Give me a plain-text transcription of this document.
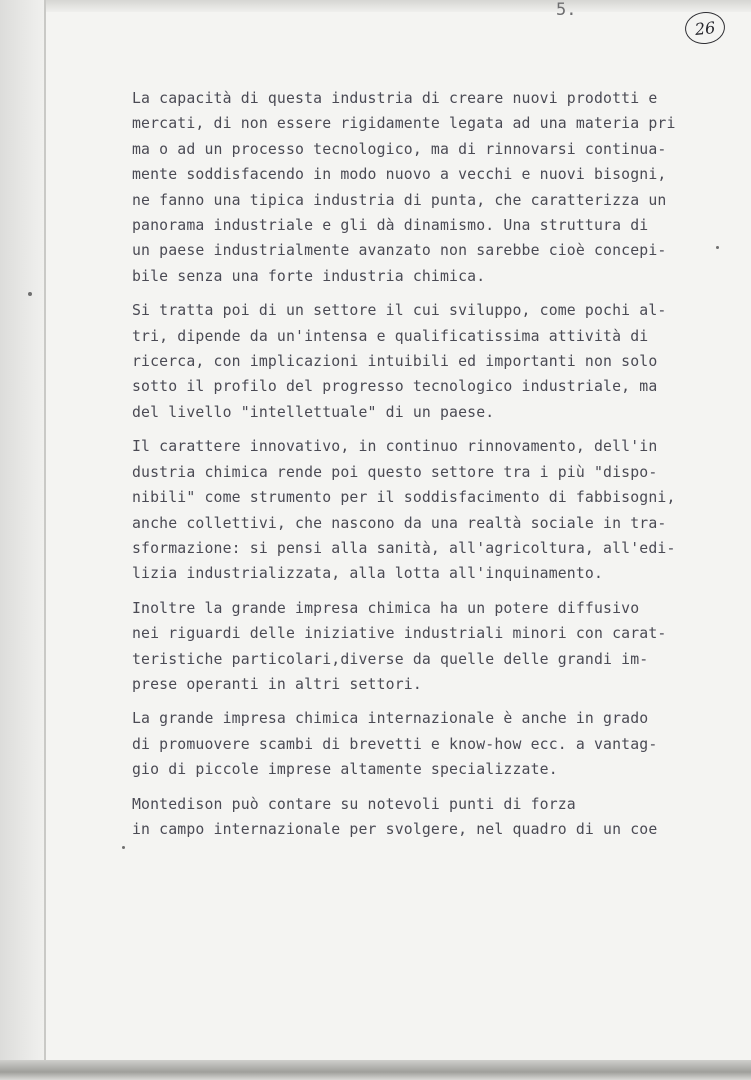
5.
26

La capacità di questa industria di creare nuovi prodotti e
mercati, di non essere rigidamente legata ad una materia pri
ma o ad un processo tecnologico, ma di rinnovarsi continua-
mente soddisfacendo in modo nuovo a vecchi e nuovi bisogni,
ne fanno una tipica industria di punta, che caratterizza un
panorama industriale e gli dà dinamismo. Una struttura di
un paese industrialmente avanzato non sarebbe cioè concepi-
bile senza una forte industria chimica.

Si tratta poi di un settore il cui sviluppo, come pochi al-
tri, dipende da un'intensa e qualificatissima attività di
ricerca, con implicazioni intuibili ed importanti non solo
sotto il profilo del progresso tecnologico industriale, ma
del livello "intellettuale" di un paese.

Il carattere innovativo, in continuo rinnovamento, dell'in
dustria chimica rende poi questo settore tra i più "dispo-
nibili" come strumento per il soddisfacimento di fabbisogni,
anche collettivi, che nascono da una realtà sociale in tra-
sformazione: si pensi alla sanità, all'agricoltura, all'edi-
lizia industrializzata, alla lotta all'inquinamento.

Inoltre la grande impresa chimica ha un potere diffusivo
nei riguardi delle iniziative industriali minori con carat-
teristiche particolari,diverse da quelle delle grandi im-
prese operanti in altri settori.

La grande impresa chimica internazionale è anche in grado
di promuovere scambi di brevetti e know-how ecc. a vantag-
gio di piccole imprese altamente specializzate.

Montedison può contare su notevoli punti di forza
in campo internazionale per svolgere, nel quadro di un coe
